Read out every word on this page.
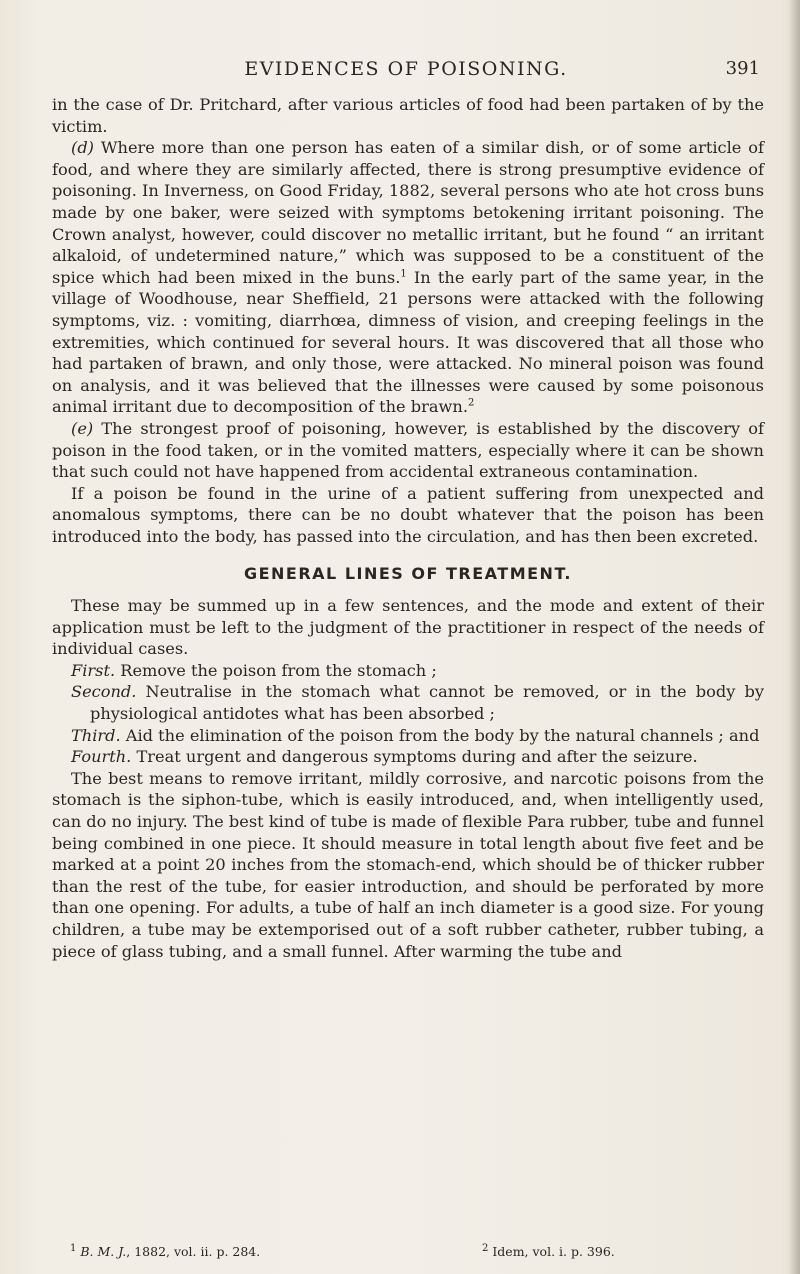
EVIDENCES OF POISONING.	391

in the case of Dr. Pritchard, after various articles of food had been partaken of by the victim.

(d) Where more than one person has eaten of a similar dish, or of some article of food, and where they are similarly affected, there is strong presumptive evidence of poisoning. In Inverness, on Good Friday, 1882, several persons who ate hot cross buns made by one baker, were seized with symptoms betokening irritant poisoning. The Crown analyst, however, could discover no metallic irritant, but he found “ an irritant alkaloid, of undetermined nature,” which was supposed to be a constituent of the spice which had been mixed in the buns.$^1$ In the early part of the same year, in the village of Woodhouse, near Sheffield, 21 persons were attacked with the following symptoms, viz. : vomiting, diarrhœa, dimness of vision, and creeping feelings in the extremities, which continued for several hours. It was discovered that all those who had partaken of brawn, and only those, were attacked. No mineral poison was found on analysis, and it was believed that the illnesses were caused by some poisonous animal irritant due to decomposition of the brawn.$^2$

(e) The strongest proof of poisoning, however, is established by the discovery of poison in the food taken, or in the vomited matters, especially where it can be shown that such could not have happened from accidental extraneous contamination.

If a poison be found in the urine of a patient suffering from unexpected and anomalous symptoms, there can be no doubt whatever that the poison has been introduced into the body, has passed into the circulation, and has then been excreted.

GENERAL LINES OF TREATMENT.

These may be summed up in a few sentences, and the mode and extent of their application must be left to the judgment of the practitioner in respect of the needs of individual cases.

First. Remove the poison from the stomach ;

Second. Neutralise in the stomach what cannot be removed, or in the body by physiological antidotes what has been absorbed ;

Third. Aid the elimination of the poison from the body by the natural channels ; and

Fourth. Treat urgent and dangerous symptoms during and after the seizure.

The best means to remove irritant, mildly corrosive, and narcotic poisons from the stomach is the siphon-tube, which is easily introduced, and, when intelligently used, can do no injury. The best kind of tube is made of flexible Para rubber, tube and funnel being combined in one piece. It should measure in total length about five feet and be marked at a point 20 inches from the stomach-end, which should be of thicker rubber than the rest of the tube, for easier introduction, and should be perforated by more than one opening. For adults, a tube of half an inch diameter is a good size. For young children, a tube may be extemporised out of a soft rubber catheter, rubber tubing, a piece of glass tubing, and a small funnel. After warming the tube and

$^1$ B. M. J., 1882, vol. ii. p. 284.	$^2$ Idem, vol. i. p. 396.
